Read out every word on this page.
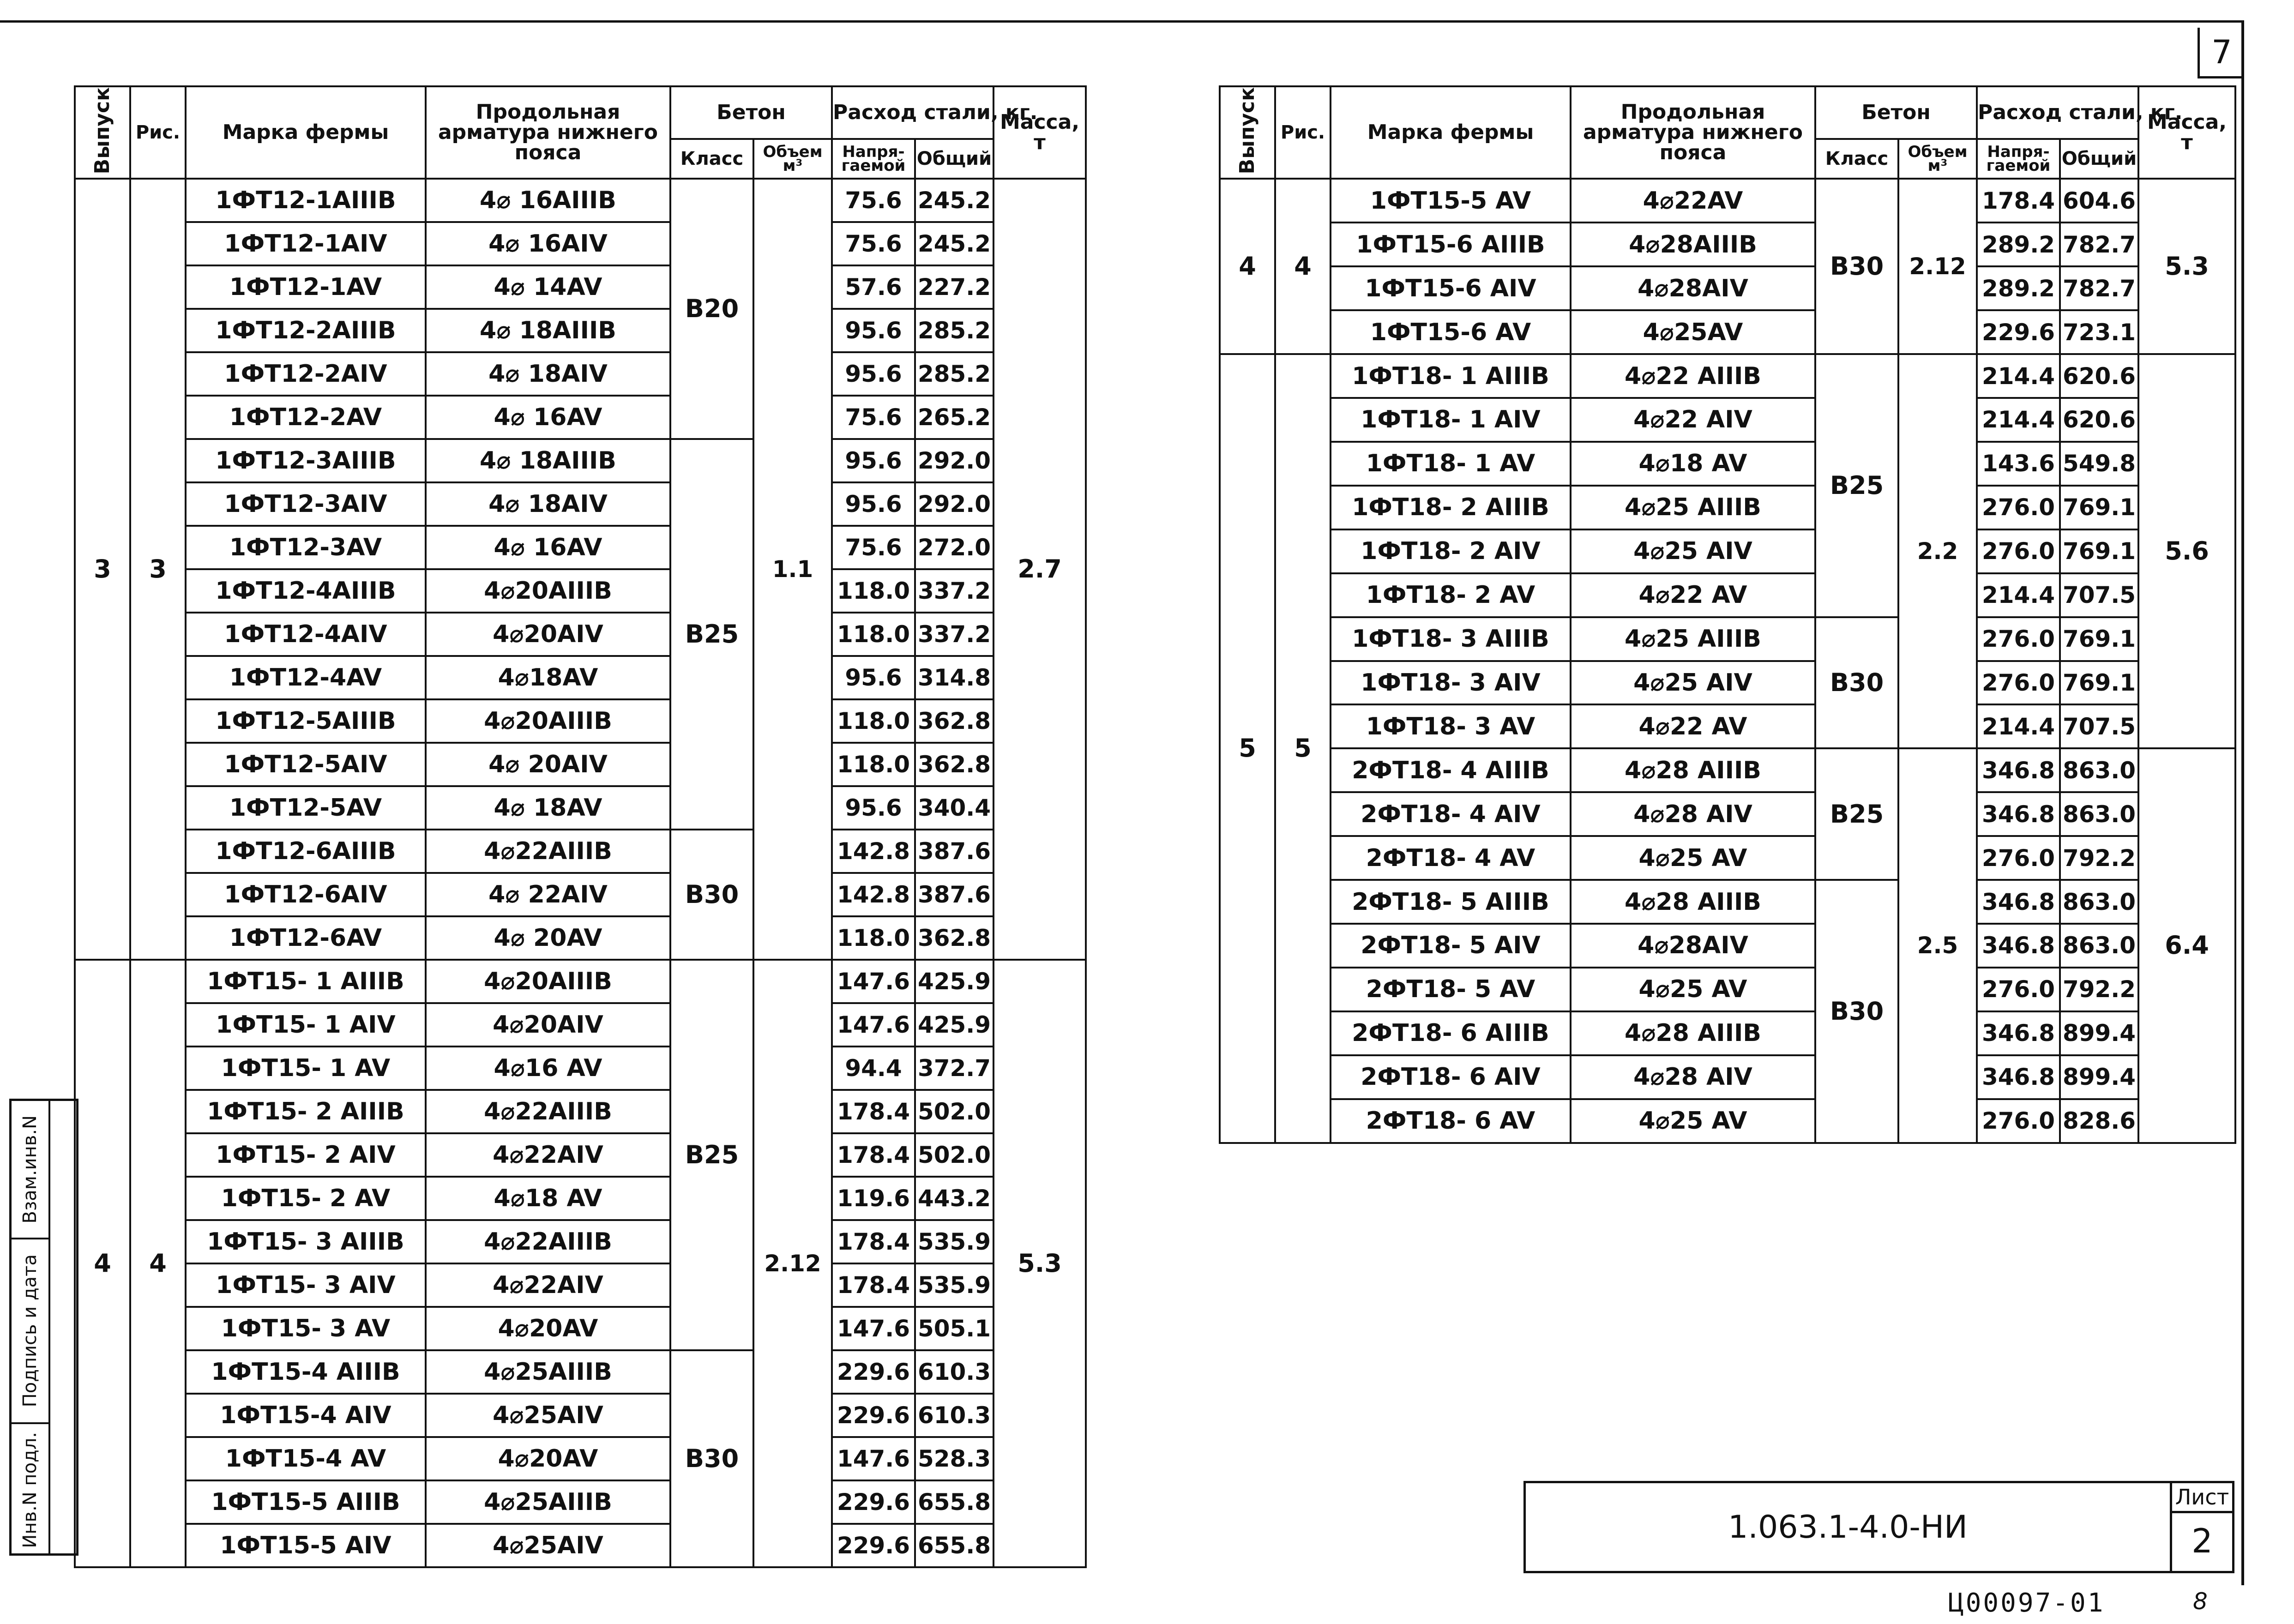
7
Выпуск	Рис.	Марка фермы	Продольная арматура нижнего пояса	Бетон		Расход стали, кг.		Масса, т
				Класс	Объем м³	Напря-гаемой	Общий	
3	3	1ФТ12-1AIIIB	4⌀ 16AIIIB	B20	1.1	75.6	245.2	2.7
		1ФТ12-1AIV	4⌀ 16AIV			75.6	245.2	
		1ФТ12-1AV	4⌀ 14AV			57.6	227.2	
		1ФТ12-2AIIIB	4⌀ 18AIIIB			95.6	285.2	
		1ФТ12-2AIV	4⌀ 18AIV			95.6	285.2	
		1ФТ12-2AV	4⌀ 16AV			75.6	265.2	
		1ФТ12-3AIIIB	4⌀ 18AIIIB	B25		95.6	292.0	
		1ФТ12-3AIV	4⌀ 18AIV			95.6	292.0	
		1ФТ12-3AV	4⌀ 16AV			75.6	272.0	
		1ФТ12-4AIIIB	4⌀20AIIIB			118.0	337.2	
		1ФТ12-4AIV	4⌀20AIV			118.0	337.2	
		1ФТ12-4AV	4⌀18AV			95.6	314.8	
		1ФТ12-5AIIIB	4⌀20AIIIB			118.0	362.8	
		1ФТ12-5AIV	4⌀ 20AIV			118.0	362.8	
		1ФТ12-5AV	4⌀ 18AV			95.6	340.4	
		1ФТ12-6AIIIB	4⌀22AIIIB	B30		142.8	387.6	
		1ФТ12-6AIV	4⌀ 22AIV			142.8	387.6	
		1ФТ12-6AV	4⌀ 20AV			118.0	362.8	
4	4	1ФТ15- 1 AIIIB	4⌀20AIIIB	B25	2.12	147.6	425.9	5.3
		1ФТ15- 1 AIV	4⌀20AIV			147.6	425.9	
		1ФТ15- 1 AV	4⌀16 AV			94.4	372.7	
		1ФТ15- 2 AIIIB	4⌀22AIIIB			178.4	502.0	
		1ФТ15- 2 AIV	4⌀22AIV			178.4	502.0	
		1ФТ15- 2 AV	4⌀18 AV			119.6	443.2	
		1ФТ15- 3 AIIIB	4⌀22AIIIB			178.4	535.9	
		1ФТ15- 3 AIV	4⌀22AIV			178.4	535.9	
		1ФТ15- 3 AV	4⌀20AV			147.6	505.1	
		1ФТ15-4 AIIIB	4⌀25AIIIB	B30		229.6	610.3	
		1ФТ15-4 AIV	4⌀25AIV			229.6	610.3	
		1ФТ15-4 AV	4⌀20AV			147.6	528.3	
		1ФТ15-5 AIIIB	4⌀25AIIIB			229.6	655.8	
		1ФТ15-5 AIV	4⌀25AIV			229.6	655.8	
Выпуск	Рис.	Марка фермы	Продольная арматура нижнего пояса	Бетон		Расход стали, кг.		Масса, т
				Класс	Объем м³	Напря-гаемой	Общий	
4	4	1ФТ15-5 AV	4⌀22AV	B30	2.12	178.4	604.6	5.3
		1ФТ15-6 AIIIB	4⌀28AIIIB			289.2	782.7	
		1ФТ15-6 AIV	4⌀28AIV			289.2	782.7	
		1ФТ15-6 AV	4⌀25AV			229.6	723.1	
5	5	1ФТ18- 1 AIIIB	4⌀22 AIIIB	B25	2.2	214.4	620.6	5.6
		1ФТ18- 1 AIV	4⌀22 AIV			214.4	620.6	
		1ФТ18- 1 AV	4⌀18 AV			143.6	549.8	
		1ФТ18- 2 AIIIB	4⌀25 AIIIB			276.0	769.1	
		1ФТ18- 2 AIV	4⌀25 AIV			276.0	769.1	
		1ФТ18- 2 AV	4⌀22 AV			214.4	707.5	
		1ФТ18- 3 AIIIB	4⌀25 AIIIB	B30		276.0	769.1	
		1ФТ18- 3 AIV	4⌀25 AIV			276.0	769.1	
		1ФТ18- 3 AV	4⌀22 AV			214.4	707.5	
		2ФТ18- 4 AIIIB	4⌀28 AIIIB	B25	2.5	346.8	863.0	6.4
		2ФТ18- 4 AIV	4⌀28 AIV			346.8	863.0	
		2ФТ18- 4 AV	4⌀25 AV			276.0	792.2	
		2ФТ18- 5 AIIIB	4⌀28 AIIIB	B30		346.8	863.0	
		2ФТ18- 5 AIV	4⌀28AIV			346.8	863.0	
		2ФТ18- 5 AV	4⌀25 AV			276.0	792.2	
		2ФТ18- 6 AIIIB	4⌀28 AIIIB			346.8	899.4	
		2ФТ18- 6 AIV	4⌀28 AIV			346.8	899.4	
		2ФТ18- 6 AV	4⌀25 AV			276.0	828.6	
1.063.1-4.0-НИ
Лист
2
Взам.инв.N
Подпись и дата
Инв.N подл.
Ц00097-01	8
